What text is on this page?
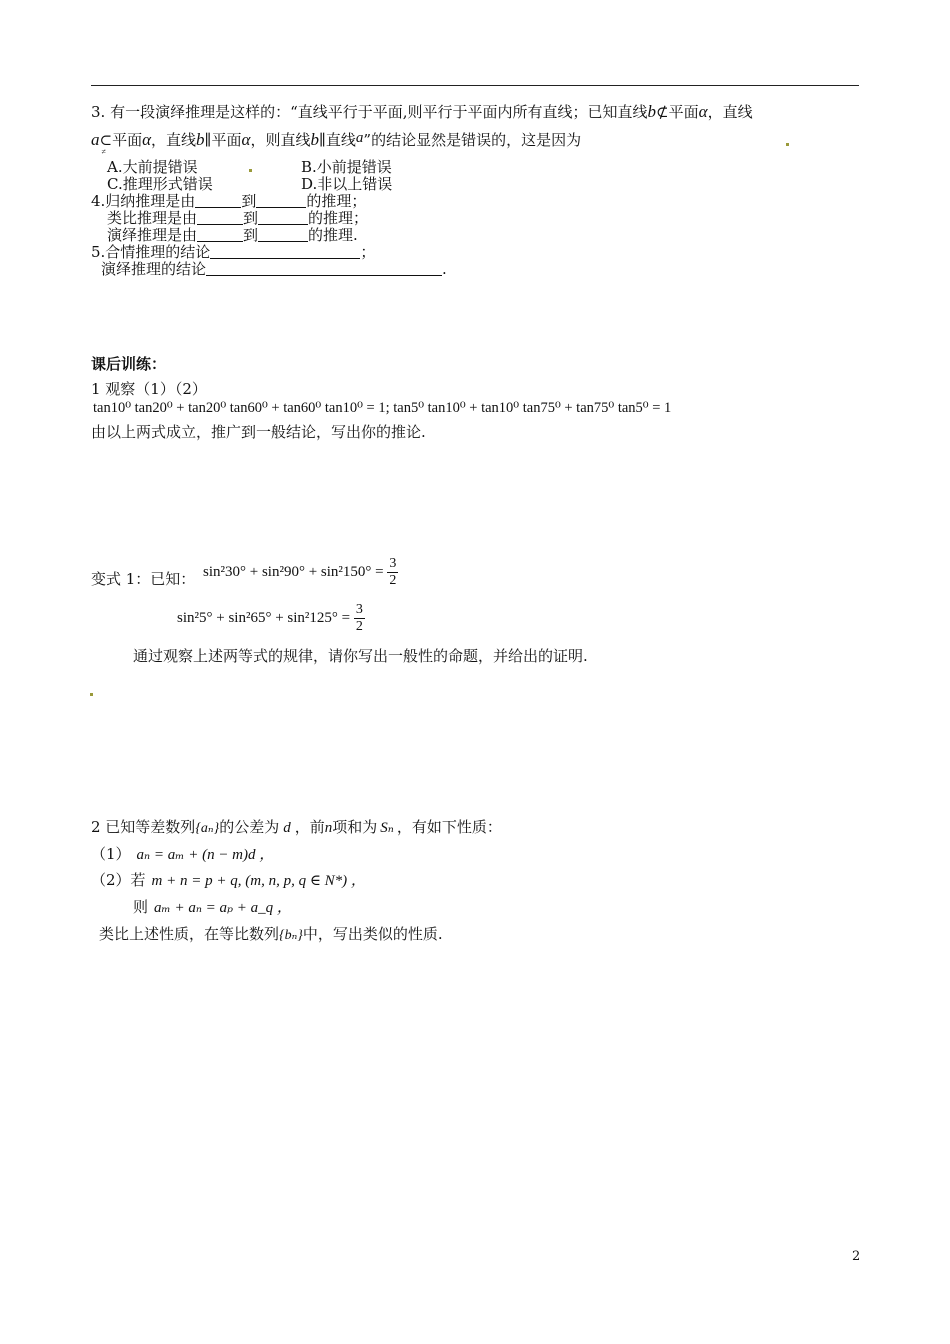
3. 有一段演绎推理是这样的：“直线平行于平面,则平行于平面内所有直线；已知直线b⊄平面α，直线
a⊂
≠
平面α，直线b∥平面α，则直线b∥直线a”的结论显然是错误的，这是因为
A.大前提错误	B.小前提错误
C.推理形式错误	D.非以上错误
4.归纳推理是由	到	的推理；
类比推理是由	到	的推理；
演绎推理是由	到	的推理.
5.合情推理的结论	；
演绎推理的结论	.
课后训练：
1 观察（1）（2）
tan10⁰ tan20⁰ + tan20⁰ tan60⁰ + tan60⁰ tan10⁰ = 1; tan5⁰ tan10⁰ + tan10⁰ tan75⁰ + tan75⁰ tan5⁰ = 1
由以上两式成立，推广到一般结论，写出你的推论.
变式 1：已知： $\sin^230^\circ + \sin^290^\circ + \sin^2150^\circ = \frac{3}{2}$
$\sin^25^\circ + \sin^265^\circ + \sin^2125^\circ = \frac{3}{2}$
通过观察上述两等式的规律，请你写出一般性的命题，并给出的证明.
2 已知等差数列{aₙ}的公差为 d ，前n项和为 Sₙ ，有如下性质：
（1） aₙ = aₘ + (n − m)d ，
（2）若 m + n = p + q, (m, n, p, q ∈ N*) ，
则 aₘ + aₙ = aₚ + a_q ，
类比上述性质，在等比数列{bₙ}中，写出类似的性质.
2
